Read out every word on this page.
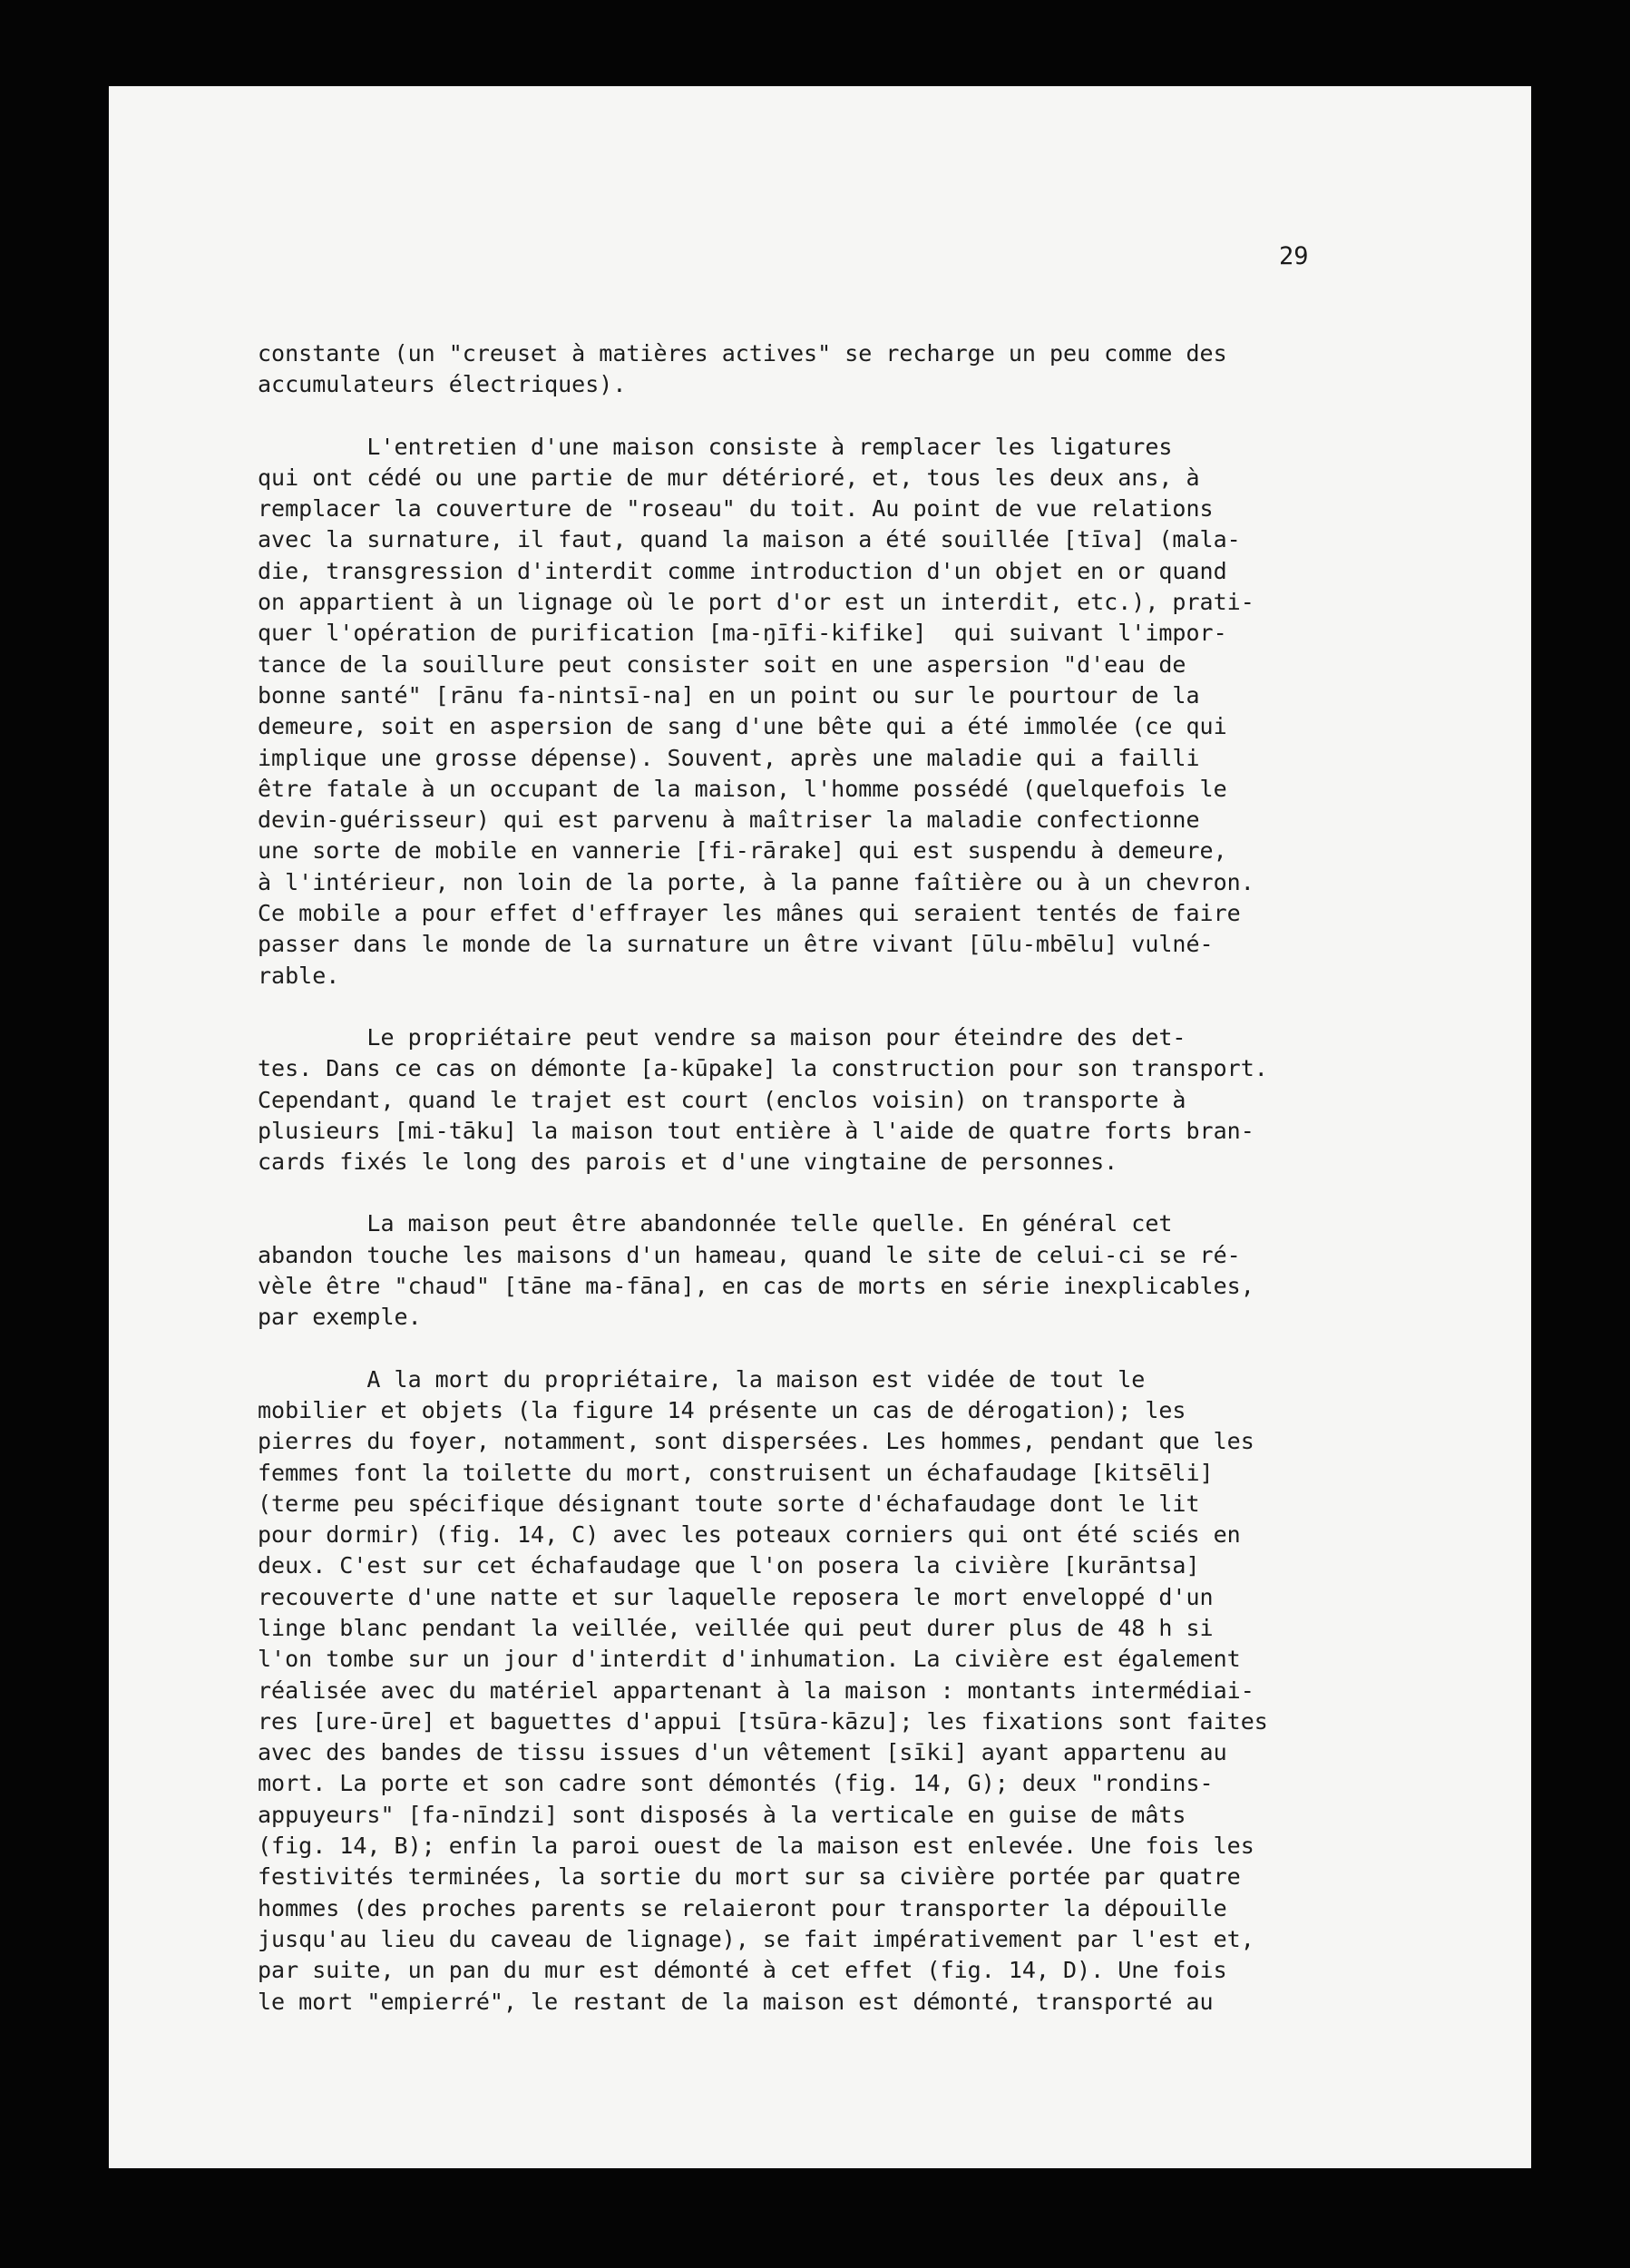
29
constante (un "creuset à matières actives" se recharge un peu comme des
accumulateurs électriques).
L'entretien d'une maison consiste à remplacer les ligatures
qui ont cédé ou une partie de mur détérioré, et, tous les deux ans, à
remplacer la couverture de "roseau" du toit. Au point de vue relations
avec la surnature, il faut, quand la maison a été souillée [tīva] (mala-
die, transgression d'interdit comme introduction d'un objet en or quand
on appartient à un lignage où le port d'or est un interdit, etc.), prati-
quer l'opération de purification [ma-ŋīfi-kifike]  qui suivant l'impor-
tance de la souillure peut consister soit en une aspersion "d'eau de
bonne santé" [rānu fa-nintsī-na] en un point ou sur le pourtour de la
demeure, soit en aspersion de sang d'une bête qui a été immolée (ce qui
implique une grosse dépense). Souvent, après une maladie qui a failli
être fatale à un occupant de la maison, l'homme possédé (quelquefois le
devin-guérisseur) qui est parvenu à maîtriser la maladie confectionne
une sorte de mobile en vannerie [fi-rārake] qui est suspendu à demeure,
à l'intérieur, non loin de la porte, à la panne faîtière ou à un chevron.
Ce mobile a pour effet d'effrayer les mânes qui seraient tentés de faire
passer dans le monde de la surnature un être vivant [ūlu-mbēlu] vulné-
rable.
Le propriétaire peut vendre sa maison pour éteindre des det-
tes. Dans ce cas on démonte [a-kūpake] la construction pour son transport.
Cependant, quand le trajet est court (enclos voisin) on transporte à
plusieurs [mi-tāku] la maison tout entière à l'aide de quatre forts bran-
cards fixés le long des parois et d'une vingtaine de personnes.
La maison peut être abandonnée telle quelle. En général cet
abandon touche les maisons d'un hameau, quand le site de celui-ci se ré-
vèle être "chaud" [tāne ma-fāna], en cas de morts en série inexplicables,
par exemple.
A la mort du propriétaire, la maison est vidée de tout le
mobilier et objets (la figure 14 présente un cas de dérogation); les
pierres du foyer, notamment, sont dispersées. Les hommes, pendant que les
femmes font la toilette du mort, construisent un échafaudage [kitsēli]
(terme peu spécifique désignant toute sorte d'échafaudage dont le lit
pour dormir) (fig. 14, C) avec les poteaux corniers qui ont été sciés en
deux. C'est sur cet échafaudage que l'on posera la civière [kurāntsa]
recouverte d'une natte et sur laquelle reposera le mort enveloppé d'un
linge blanc pendant la veillée, veillée qui peut durer plus de 48 h si
l'on tombe sur un jour d'interdit d'inhumation. La civière est également
réalisée avec du matériel appartenant à la maison : montants intermédiai-
res [ure-ūre] et baguettes d'appui [tsūra-kāzu]; les fixations sont faites
avec des bandes de tissu issues d'un vêtement [sīki] ayant appartenu au
mort. La porte et son cadre sont démontés (fig. 14, G); deux "rondins-
appuyeurs" [fa-nīndzi] sont disposés à la verticale en guise de mâts
(fig. 14, B); enfin la paroi ouest de la maison est enlevée. Une fois les
festivités terminées, la sortie du mort sur sa civière portée par quatre
hommes (des proches parents se relaieront pour transporter la dépouille
jusqu'au lieu du caveau de lignage), se fait impérativement par l'est et,
par suite, un pan du mur est démonté à cet effet (fig. 14, D). Une fois
le mort "empierré", le restant de la maison est démonté, transporté au
